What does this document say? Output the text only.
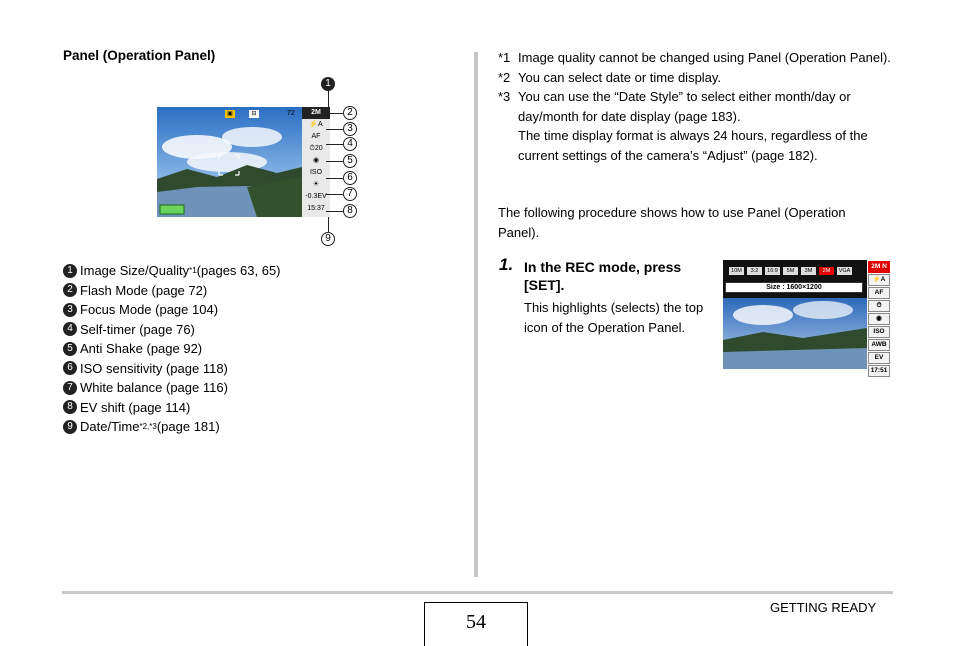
Panel (Operation Panel)
▣	⊟	72	2M
⚡A
AF
⏱20
◉
ISO
☀
-0.3EV
15:37
1
2
3
4
5
6
7
8
9
1 Image Size/Quality *1 (pages 63, 65)
2 Flash Mode (page 72)
3 Focus Mode (page 104)
4 Self-timer (page 76)
5 Anti Shake (page 92)
6 ISO sensitivity (page 118)
7 White balance (page 116)
8 EV shift (page 114)
9 Date/Time *2,*3 (page 181)
*1 Image quality cannot be changed using Panel (Operation Panel).
*2 You can select date or time display.
*3 You can use the “Date Style” to select either month/day or day/month for date display (page 183).
The time display format is always 24 hours, regardless of the current settings of the camera’s “Adjust” (page 182).
The following procedure shows how to use Panel (Operation Panel).
1. In the REC mode, press [SET].
This highlights (selects) the top icon of the Operation Panel.
10M	3:2	16:9	5M	3M	2M	VGA
Size : 1600×1200
2M N
⚡A
AF
⏱
◉
ISO
AWB
EV
17:51
54
GETTING READY
